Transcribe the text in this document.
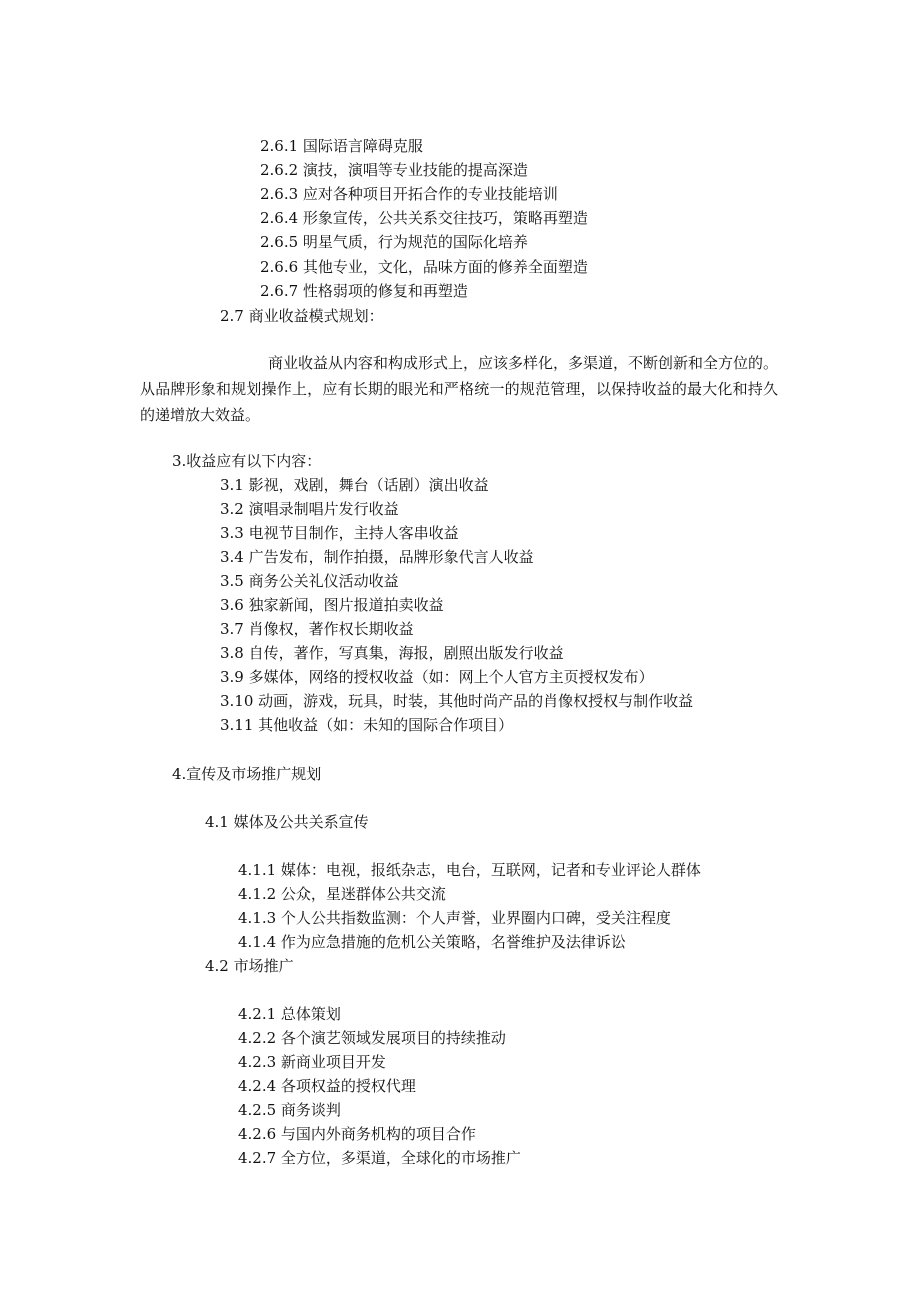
2.6.1 国际语言障碍克服
2.6.2 演技，演唱等专业技能的提高深造
2.6.3 应对各种项目开拓合作的专业技能培训
2.6.4 形象宣传，公共关系交往技巧，策略再塑造
2.6.5 明星气质，行为规范的国际化培养
2.6.6 其他专业，文化，品味方面的修养全面塑造
2.6.7 性格弱项的修复和再塑造
2.7 商业收益模式规划：
商业收益从内容和构成形式上，应该多样化，多渠道，不断创新和全方位的。从品牌形象和规划操作上，应有长期的眼光和严格统一的规范管理，以保持收益的最大化和持久的递增放大效益。
3.收益应有以下内容：
3.1 影视，戏剧，舞台（话剧）演出收益
3.2 演唱录制唱片发行收益
3.3 电视节目制作，主持人客串收益
3.4 广告发布，制作拍摄，品牌形象代言人收益
3.5 商务公关礼仪活动收益
3.6 独家新闻，图片报道拍卖收益
3.7 肖像权，著作权长期收益
3.8 自传，著作，写真集，海报，剧照出版发行收益
3.9 多媒体，网络的授权收益（如：网上个人官方主页授权发布）
3.10 动画，游戏，玩具，时装，其他时尚产品的肖像权授权与制作收益
3.11 其他收益（如：未知的国际合作项目）
4.宣传及市场推广规划
4.1 媒体及公共关系宣传
4.1.1 媒体：电视，报纸杂志，电台，互联网，记者和专业评论人群体
4.1.2 公众，星迷群体公共交流
4.1.3 个人公共指数监测：个人声誉，业界圈内口碑，受关注程度
4.1.4 作为应急措施的危机公关策略，名誉维护及法律诉讼
4.2 市场推广
4.2.1 总体策划
4.2.2 各个演艺领域发展项目的持续推动
4.2.3 新商业项目开发
4.2.4 各项权益的授权代理
4.2.5 商务谈判
4.2.6 与国内外商务机构的项目合作
4.2.7 全方位，多渠道，全球化的市场推广
